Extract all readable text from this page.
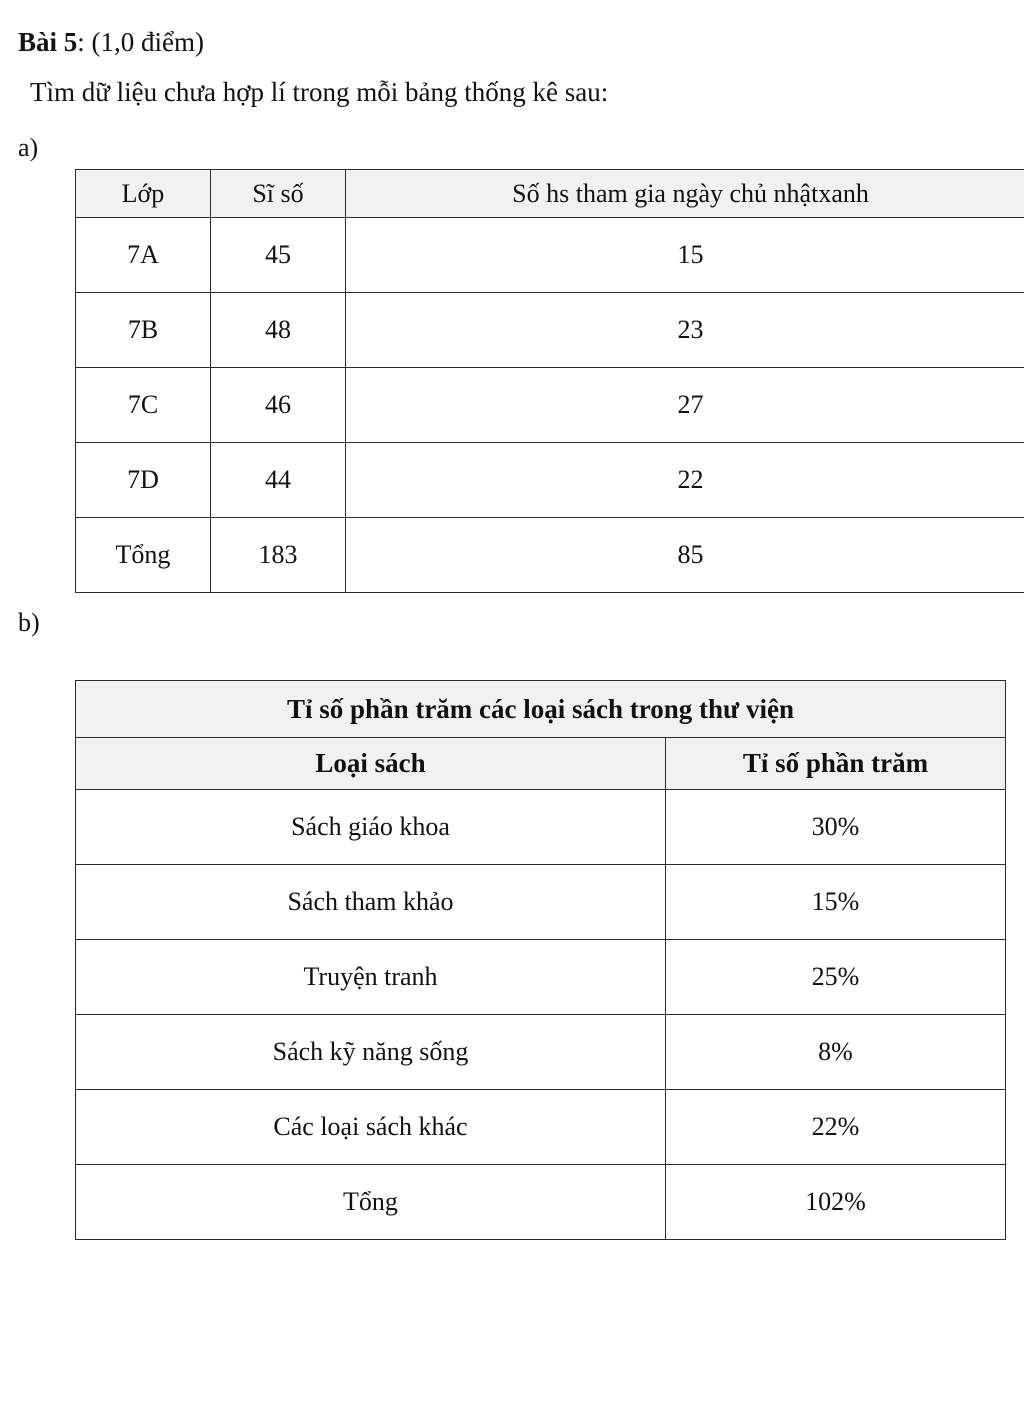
Bài 5: (1,0 điểm)
Tìm dữ liệu chưa hợp lí trong mỗi bảng thống kê sau:
a)
Lớp	Sĩ số	Số hs tham gia ngày chủ nhậtxanh
7A	45	15
7B	48	23
7C	46	27
7D	44	22
Tổng	183	85
b)
Tỉ số phần trăm các loại sách trong thư viện	
Loại sách	Tỉ số phần trăm
Sách giáo khoa	30%
Sách tham khảo	15%
Truyện tranh	25%
Sách kỹ năng sống	8%
Các loại sách khác	22%
Tổng	102%
